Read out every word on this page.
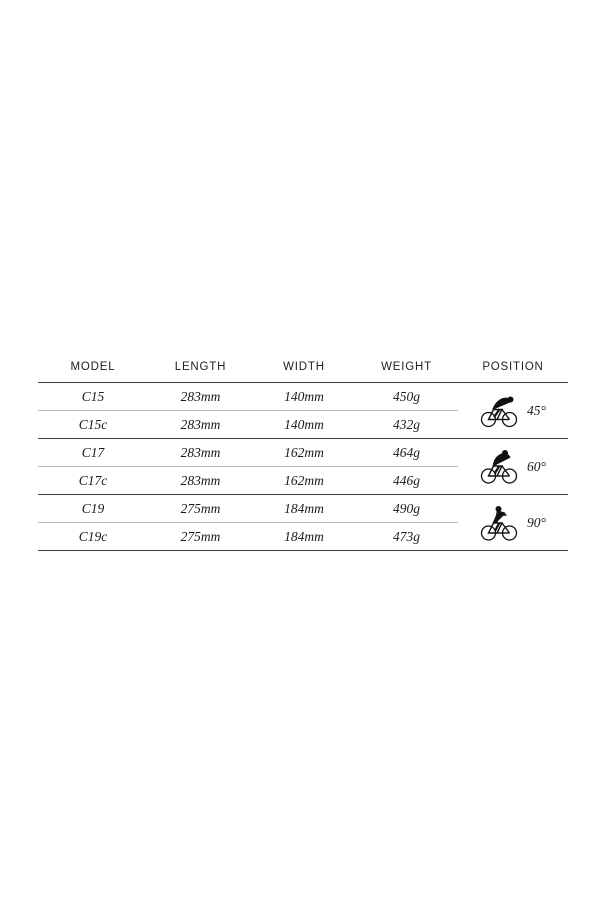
MODEL	LENGTH	WIDTH	WEIGHT	POSITION
C15	283mm	140mm	450g	45°

C15c	283mm	140mm	432g	
C17	283mm	162mm	464g	60°

C17c	283mm	162mm	446g	
C19	275mm	184mm	490g	90°

C19c	275mm	184mm	473g	
